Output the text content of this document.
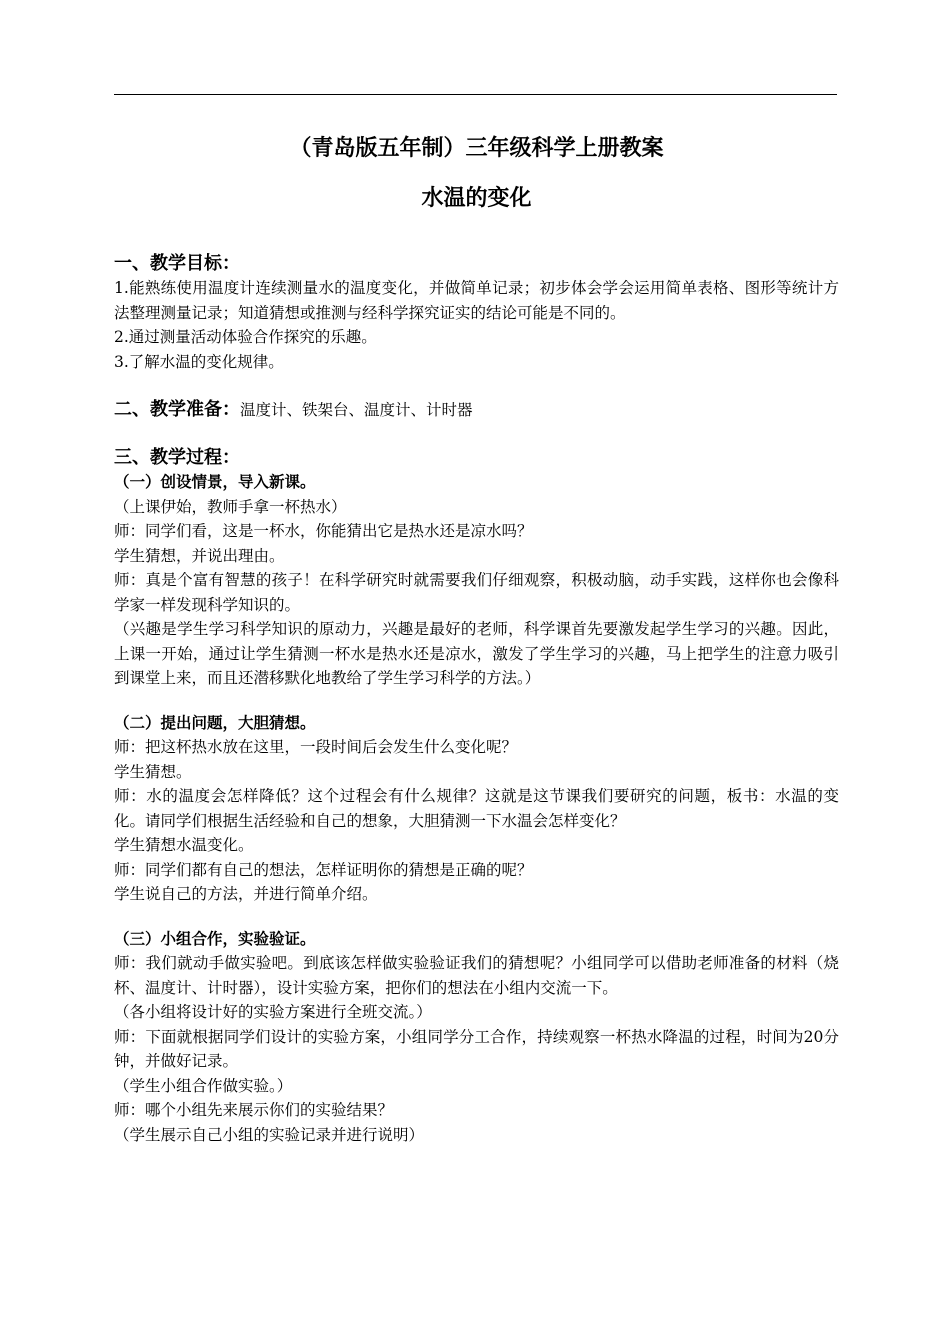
（青岛版五年制）三年级科学上册教案
水温的变化
一、教学目标：

1.能熟练使用温度计连续测量水的温度变化，并做简单记录；初步体会学会运用简单表格、图形等统计方法整理测量记录；知道猜想或推测与经科学探究证实的结论可能是不同的。

2.通过测量活动体验合作探究的乐趣。

3.了解水温的变化规律。

二、教学准备：温度计、铁架台、温度计、计时器
三、教学过程：
（一）创设情景，导入新课。

（上课伊始，教师手拿一杯热水）

师：同学们看，这是一杯水，你能猜出它是热水还是凉水吗？

学生猜想，并说出理由。

师：真是个富有智慧的孩子！在科学研究时就需要我们仔细观察，积极动脑，动手实践，这样你也会像科学家一样发现科学知识的。

（兴趣是学生学习科学知识的原动力，兴趣是最好的老师，科学课首先要激发起学生学习的兴趣。因此，上课一开始，通过让学生猜测一杯水是热水还是凉水，激发了学生学习的兴趣，马上把学生的注意力吸引到课堂上来，而且还潜移默化地教给了学生学习科学的方法。）

（二）提出问题，大胆猜想。

师：把这杯热水放在这里，一段时间后会发生什么变化呢？

学生猜想。

师：水的温度会怎样降低？这个过程会有什么规律？这就是这节课我们要研究的问题，板书：水温的变化。请同学们根据生活经验和自己的想象，大胆猜测一下水温会怎样变化？

学生猜想水温变化。

师：同学们都有自己的想法，怎样证明你的猜想是正确的呢？

学生说自己的方法，并进行简单介绍。

（三）小组合作，实验验证。

师：我们就动手做实验吧。到底该怎样做实验验证我们的猜想呢？小组同学可以借助老师准备的材料（烧杯、温度计、计时器），设计实验方案，把你们的想法在小组内交流一下。

（各小组将设计好的实验方案进行全班交流。）

师：下面就根据同学们设计的实验方案，小组同学分工合作，持续观察一杯热水降温的过程，时间为20分钟，并做好记录。

（学生小组合作做实验。）

师：哪个小组先来展示你们的实验结果？

（学生展示自己小组的实验记录并进行说明）
